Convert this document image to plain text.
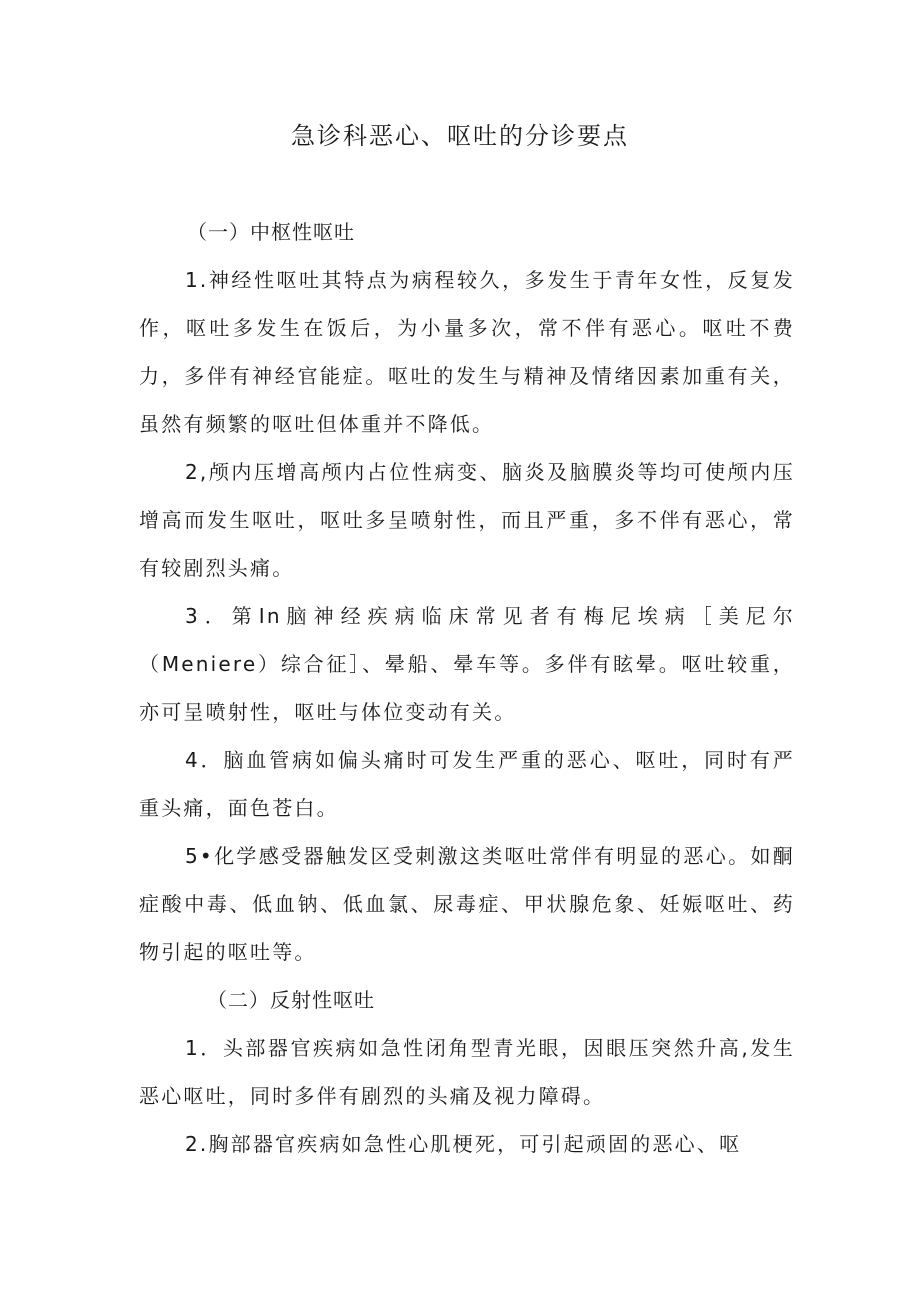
急诊科恶心、呕吐的分诊要点

（一）中枢性呕吐

1.神经性呕吐其特点为病程较久，多发生于青年女性，反复发作，呕吐多发生在饭后，为小量多次，常不伴有恶心。呕吐不费力，多伴有神经官能症。呕吐的发生与精神及情绪因素加重有关，虽然有频繁的呕吐但体重并不降低。

2,颅内压增高颅内占位性病变、脑炎及脑膜炎等均可使颅内压增高而发生呕吐，呕吐多呈喷射性，而且严重，多不伴有恶心，常有较剧烈头痛。

3．第In脑神经疾病临床常见者有梅尼埃病［美尼尔（Meniere）综合征］、晕船、晕车等。多伴有眩晕。呕吐较重，亦可呈喷射性，呕吐与体位变动有关。

4．脑血管病如偏头痛时可发生严重的恶心、呕吐，同时有严重头痛，面色苍白。

5•化学感受器触发区受刺激这类呕吐常伴有明显的恶心。如酮症酸中毒、低血钠、低血氯、尿毒症、甲状腺危象、妊娠呕吐、药物引起的呕吐等。

（二）反射性呕吐

1．头部器官疾病如急性闭角型青光眼，因眼压突然升高,发生恶心呕吐，同时多伴有剧烈的头痛及视力障碍。

2.胸部器官疾病如急性心肌梗死，可引起顽固的恶心、呕
